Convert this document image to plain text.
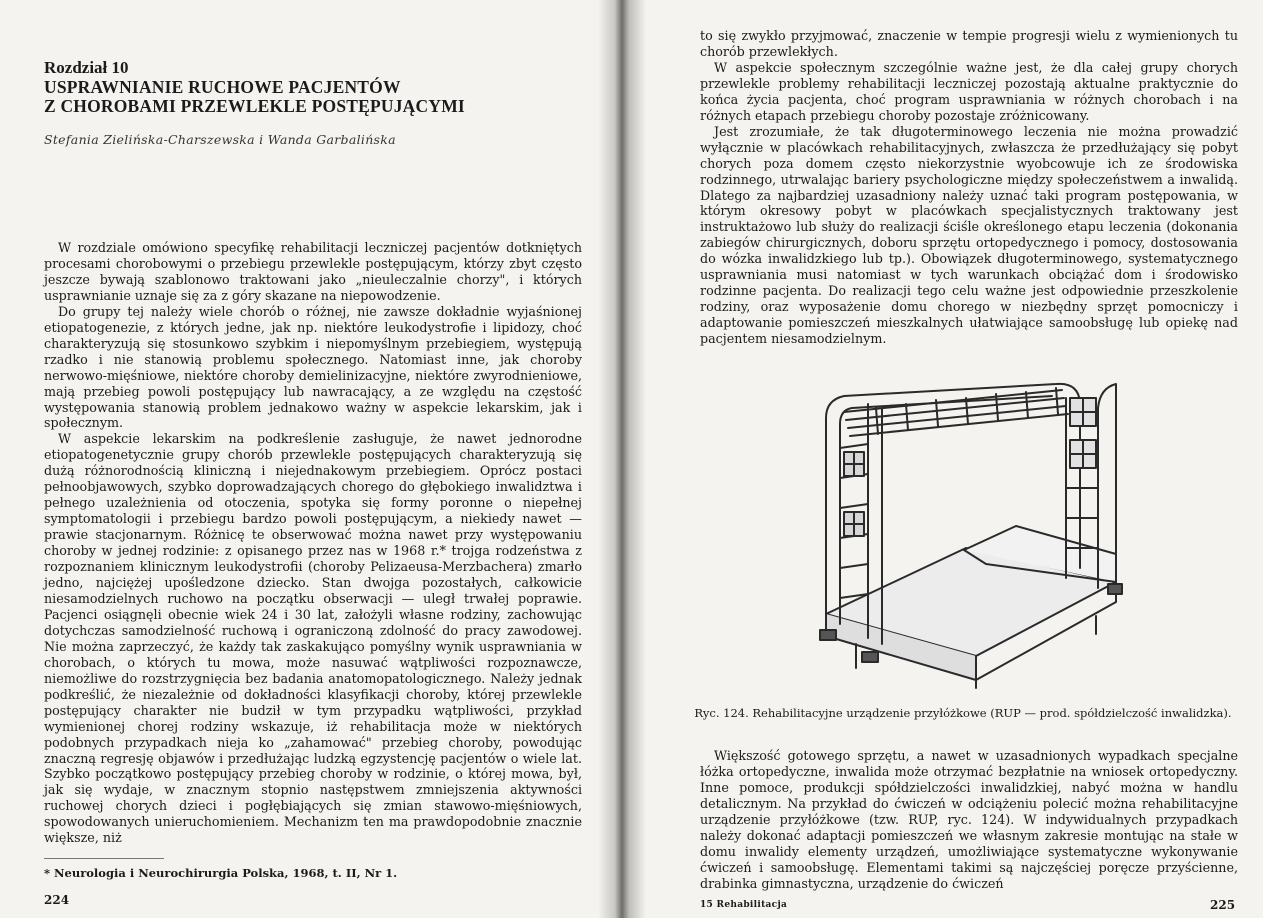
Rozdział 10

USPRAWNIANIE RUCHOWE PACJENTÓW

Z CHOROBAMI PRZEWLEKLE POSTĘPUJĄCYMI

Stefania Zielińska-Charszewska i Wanda Garbalińska

W rozdziale omówiono specyfikę rehabilitacji leczniczej pacjentów dotkniętych procesami chorobowymi o przebiegu przewlekle postępującym, którzy zbyt często jeszcze bywają szablonowo traktowani jako „nieuleczalnie chorzy", i których usprawnianie uznaje się za z góry skazane na niepowodzenie.

Do grupy tej należy wiele chorób o różnej, nie zawsze dokładnie wyjaśnionej etiopatogenezie, z których jedne, jak np. niektóre leukodystrofie i lipidozy, choć charakteryzują się stosunkowo szybkim i niepomyślnym przebiegiem, występują rzadko i nie stanowią problemu społecznego. Natomiast inne, jak choroby nerwowo-mięśniowe, niektóre choroby demielinizacyjne, niektóre zwyrodnieniowe, mają przebieg powoli postępujący lub nawracający, a ze względu na częstość występowania stanowią problem jednakowo ważny w aspekcie lekarskim, jak i społecznym.

W aspekcie lekarskim na podkreślenie zasługuje, że nawet jednorodne etiopatogenetycznie grupy chorób przewlekle postępujących charakteryzują się dużą różnorodnością kliniczną i niejednakowym przebiegiem. Oprócz postaci pełnoobjawowych, szybko doprowadzających chorego do głębokiego inwalidztwa i pełnego uzależnienia od otoczenia, spotyka się formy poronne o niepełnej symptomatologii i przebiegu bardzo powoli postępującym, a niekiedy nawet — prawie stacjonarnym. Różnicę te obserwować można nawet przy występowaniu choroby w jednej rodzinie: z opisanego przez nas w 1968 r.* trojga rodzeństwa z rozpoznaniem klinicznym leukodystrofii (choroby Pelizaeusa-Merzbachera) zmarło jedno, najciężej upośledzone dziecko. Stan dwojga pozostałych, całkowicie niesamodzielnych ruchowo na początku obserwacji — uległ trwałej poprawie. Pacjenci osiągnęli obecnie wiek 24 i 30 lat, założyli własne rodziny, zachowując dotychczas samodzielność ruchową i ograniczoną zdolność do pracy zawodowej. Nie można zaprzeczyć, że każdy tak zaskakująco pomyślny wynik usprawniania w chorobach, o których tu mowa, może nasuwać wątpliwości rozpoznawcze, niemożliwe do rozstrzygnięcia bez badania anatomopatologicznego. Należy jednak podkreślić, że niezależnie od dokładności klasyfikacji choroby, której przewlekle postępujący charakter nie budził w tym przypadku wątpliwości, przykład wymienionej chorej rodziny wskazuje, iż rehabilitacja może w niektórych podobnych przypadkach nieja ko „zahamować" przebieg choroby, powodując znaczną regresję objawów i przedłużając ludzką egzystencję pacjentów o wiele lat. Szybko początkowo postępujący przebieg choroby w rodzinie, o której mowa, był, jak się wydaje, w znacznym stopnio następstwem zmniejszenia aktywności ruchowej chorych dzieci i pogłębiających się zmian stawowo-mięśniowych, spowodowanych unieruchomieniem. Mechanizm ten ma prawdopodobnie znacznie większe, niż

* Neurologia i Neurochirurgia Polska, 1968, t. II, Nr 1.
224

to się zwykło przyjmować, znaczenie w tempie progresji wielu z wymienionych tu chorób przewlekłych.

W aspekcie społecznym szczególnie ważne jest, że dla całej grupy chorych przewlekle problemy rehabilitacji leczniczej pozostają aktualne praktycznie do końca życia pacjenta, choć program usprawniania w różnych chorobach i na różnych etapach przebiegu choroby pozostaje zróżnicowany.

Jest zrozumiałe, że tak długoterminowego leczenia nie można prowadzić wyłącznie w placówkach rehabilitacyjnych, zwłaszcza że przedłużający się pobyt chorych poza domem często niekorzystnie wyobcowuje ich ze środowiska rodzinnego, utrwalając bariery psychologiczne między społeczeństwem a inwalidą. Dlatego za najbardziej uzasadniony należy uznać taki program postępowania, w którym okresowy pobyt w placówkach specjalistycznych traktowany jest instruktażowo lub służy do realizacji ściśle określonego etapu leczenia (dokonania zabiegów chirurgicznych, doboru sprzętu ortopedycznego i pomocy, dostosowania do wózka inwalidzkiego lub tp.). Obowiązek długoterminowego, systematycznego usprawniania musi natomiast w tych warunkach obciążać dom i środowisko rodzinne pacjenta. Do realizacji tego celu ważne jest odpowiednie przeszkolenie rodziny, oraz wyposażenie domu chorego w niezbędny sprzęt pomocniczy i adaptowanie pomieszczeń mieszkalnych ułatwiające samoobsługę lub opiekę nad pacjentem niesamodzielnym.

Ryc. 124. Rehabilitacyjne urządzenie przyłóżkowe (RUP — prod. spółdzielczość inwalidzka).

Większość gotowego sprzętu, a nawet w uzasadnionych wypadkach specjalne łóżka ortopedyczne, inwalida może otrzymać bezpłatnie na wniosek ortopedyczny. Inne pomoce, produkcji spółdzielczości inwalidzkiej, nabyć można w handlu detalicznym. Na przykład do ćwiczeń w odciążeniu polecić można rehabilitacyjne urządzenie przyłóżkowe (tzw. RUP, ryc. 124). W indywidualnych przypadkach należy dokonać adaptacji pomieszczeń we własnym zakresie montując na stałe w domu inwalidy elementy urządzeń, umożliwiające systematyczne wykonywanie ćwiczeń i samoobsługę. Elementami takimi są najczęściej poręcze przyścienne, drabinka gimnastyczna, urządzenie do ćwiczeń

15 Rehabilitacja	225
